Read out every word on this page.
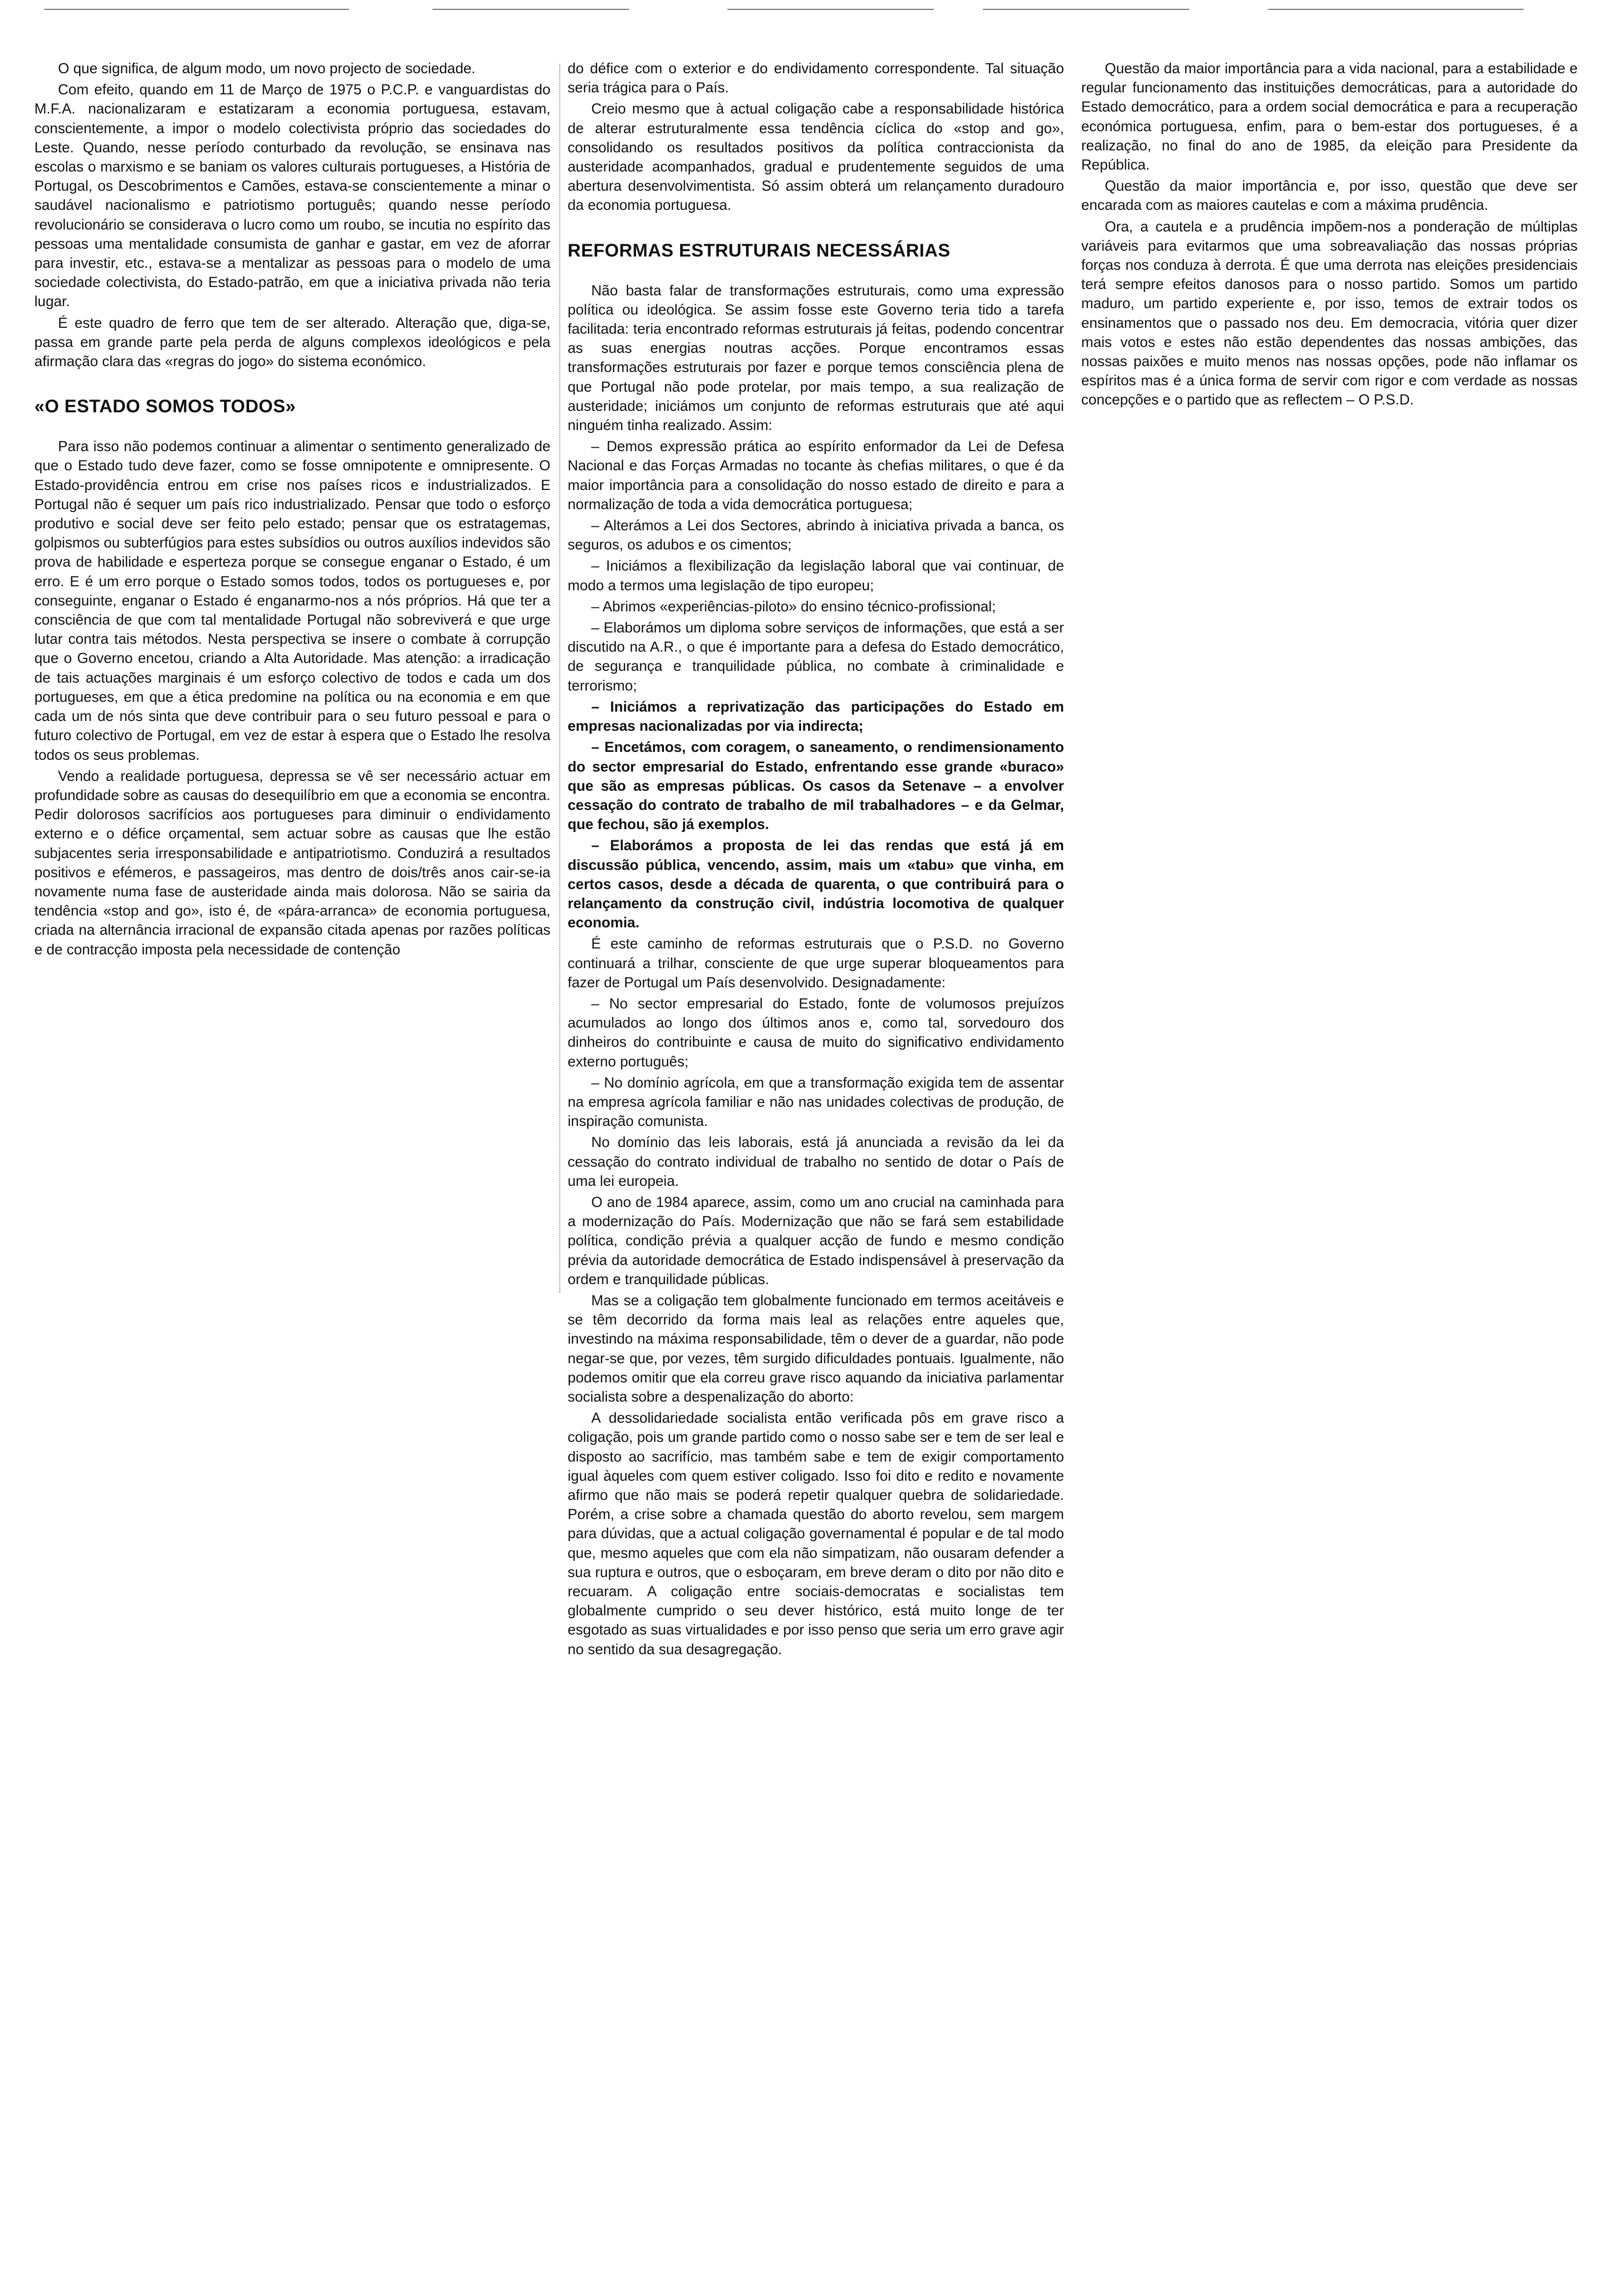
O que significa, de algum modo, um novo projecto de sociedade.

Com efeito, quando em 11 de Março de 1975 o P.C.P. e vanguardistas do M.F.A. nacionalizaram e estatizaram a economia portuguesa, estavam, conscientemente, a impor o modelo colectivista próprio das sociedades do Leste. Quando, nesse período conturbado da revolução, se ensinava nas escolas o marxismo e se baniam os valores culturais portugueses, a História de Portugal, os Descobrimentos e Camões, estava-se conscientemente a minar o saudável nacionalismo e patriotismo português; quando nesse período revolucionário se considerava o lucro como um roubo, se incutia no espírito das pessoas uma mentalidade consumista de ganhar e gastar, em vez de aforrar para investir, etc., estava-se a mentalizar as pessoas para o modelo de uma sociedade colectivista, do Estado-patrão, em que a iniciativa privada não teria lugar.

É este quadro de ferro que tem de ser alterado. Alteração que, diga-se, passa em grande parte pela perda de alguns complexos ideológicos e pela afirmação clara das «regras do jogo» do sistema económico.

«O ESTADO SOMOS TODOS»

Para isso não podemos continuar a alimentar o sentimento generalizado de que o Estado tudo deve fazer, como se fosse omnipotente e omnipresente. O Estado-providência entrou em crise nos países ricos e industrializados. E Portugal não é sequer um país rico industrializado. Pensar que todo o esforço produtivo e social deve ser feito pelo estado; pensar que os estratagemas, golpismos ou subterfúgios para estes subsídios ou outros auxílios indevidos são prova de habilidade e esperteza porque se consegue enganar o Estado, é um erro. E é um erro porque o Estado somos todos, todos os portugueses e, por conseguinte, enganar o Estado é enganarmo-nos a nós próprios. Há que ter a consciência de que com tal mentalidade Portugal não sobreviverá e que urge lutar contra tais métodos. Nesta perspectiva se insere o combate à corrupção que o Governo encetou, criando a Alta Autoridade. Mas atenção: a irradicação de tais actuações marginais é um esforço colectivo de todos e cada um dos portugueses, em que a ética predomine na política ou na economia e em que cada um de nós sinta que deve contribuir para o seu futuro pessoal e para o futuro colectivo de Portugal, em vez de estar à espera que o Estado lhe resolva todos os seus problemas.

Vendo a realidade portuguesa, depressa se vê ser necessário actuar em profundidade sobre as causas do desequilíbrio em que a economia se encontra. Pedir dolorosos sacrifícios aos portugueses para diminuir o endividamento externo e o défice orçamental, sem actuar sobre as causas que lhe estão subjacentes seria irresponsabilidade e antipatriotismo. Conduzirá a resultados positivos e efémeros, e passageiros, mas dentro de dois/três anos cair-se-ia novamente numa fase de austeridade ainda mais dolorosa. Não se sairia da tendência «stop and go», isto é, de «pára-arranca» de economia portuguesa, criada na alternância irracional de expansão citada apenas por razões políticas e de contracção imposta pela necessidade de contenção

do défice com o exterior e do endividamento correspondente. Tal situação seria trágica para o País.

Creio mesmo que à actual coligação cabe a responsabilidade histórica de alterar estruturalmente essa tendência cíclica do «stop and go», consolidando os resultados positivos da política contraccionista da austeridade acompanhados, gradual e prudentemente seguidos de uma abertura desenvolvimentista. Só assim obterá um relançamento duradouro da economia portuguesa.

REFORMAS ESTRUTURAIS NECESSÁRIAS

Não basta falar de transformações estruturais, como uma expressão política ou ideológica. Se assim fosse este Governo teria tido a tarefa facilitada: teria encontrado reformas estruturais já feitas, podendo concentrar as suas energias noutras acções. Porque encontramos essas transformações estruturais por fazer e porque temos consciência plena de que Portugal não pode protelar, por mais tempo, a sua realização de austeridade; iniciámos um conjunto de reformas estruturais que até aqui ninguém tinha realizado. Assim:

– Demos expressão prática ao espírito enformador da Lei de Defesa Nacional e das Forças Armadas no tocante às chefias militares, o que é da maior importância para a consolidação do nosso estado de direito e para a normalização de toda a vida democrática portuguesa;

– Alterámos a Lei dos Sectores, abrindo à iniciativa privada a banca, os seguros, os adubos e os cimentos;

– Iniciámos a flexibilização da legislação laboral que vai continuar, de modo a termos uma legislação de tipo europeu;

– Abrimos «experiências-piloto» do ensino técnico-profissional;

– Elaborámos um diploma sobre serviços de informações, que está a ser discutido na A.R., o que é importante para a defesa do Estado democrático, de segurança e tranquilidade pública, no combate à criminalidade e terrorismo;

– Iniciámos a reprivatização das participações do Estado em empresas nacionalizadas por via indirecta;

– Encetámos, com coragem, o saneamento, o rendimensionamento do sector empresarial do Estado, enfrentando esse grande «buraco» que são as empresas públicas. Os casos da Setenave – a envolver cessação do contrato de trabalho de mil trabalhadores – e da Gelmar, que fechou, são já exemplos.

– Elaborámos a proposta de lei das rendas que está já em discussão pública, vencendo, assim, mais um «tabu» que vinha, em certos casos, desde a década de quarenta, o que contribuirá para o relançamento da construção civil, indústria locomotiva de qualquer economia.

É este caminho de reformas estruturais que o P.S.D. no Governo continuará a trilhar, consciente de que urge superar bloqueamentos para fazer de Portugal um País desenvolvido. Designadamente:

– No sector empresarial do Estado, fonte de volumosos prejuízos acumulados ao longo dos últimos anos e, como tal, sorvedouro dos dinheiros do contribuinte e causa de muito do significativo endividamento externo português;

– No domínio agrícola, em que a transformação exigida tem de assentar na empresa agrícola familiar e não nas unidades colectivas de produção, de inspiração comunista.

No domínio das leis laborais, está já anunciada a revisão da lei da cessação do contrato individual de trabalho no sentido de dotar o País de uma lei europeia.

O ano de 1984 aparece, assim, como um ano crucial na caminhada para a modernização do País. Modernização que não se fará sem estabilidade política, condição prévia a qualquer acção de fundo e mesmo condição prévia da autoridade democrática de Estado indispensável à preservação da ordem e tranquilidade públicas.

Mas se a coligação tem globalmente funcionado em termos aceitáveis e se têm decorrido da forma mais leal as relações entre aqueles que, investindo na máxima responsabilidade, têm o dever de a guardar, não pode negar-se que, por vezes, têm surgido dificuldades pontuais. Igualmente, não podemos omitir que ela correu grave risco aquando da iniciativa parlamentar socialista sobre a despenalização do aborto:

A dessolidariedade socialista então verificada pôs em grave risco a coligação, pois um grande partido como o nosso sabe ser e tem de ser leal e disposto ao sacrifício, mas também sabe e tem de exigir comportamento igual àqueles com quem estiver coligado. Isso foi dito e redito e novamente afirmo que não mais se poderá repetir qualquer quebra de solidariedade. Porém, a crise sobre a chamada questão do aborto revelou, sem margem para dúvidas, que a actual coligação governamental é popular e de tal modo que, mesmo aqueles que com ela não simpatizam, não ousaram defender a sua ruptura e outros, que o esboçaram, em breve deram o dito por não dito e recuaram. A coligação entre sociais-democratas e socialistas tem globalmente cumprido o seu dever histórico, está muito longe de ter esgotado as suas virtualidades e por isso penso que seria um erro grave agir no sentido da sua desagregação.

Questão da maior importância para a vida nacional, para a estabilidade e regular funcionamento das instituições democráticas, para a autoridade do Estado democrático, para a ordem social democrática e para a recuperação económica portuguesa, enfim, para o bem-estar dos portugueses, é a realização, no final do ano de 1985, da eleição para Presidente da República.

Questão da maior importância e, por isso, questão que deve ser encarada com as maiores cautelas e com a máxima prudência.

Ora, a cautela e a prudência impõem-nos a ponderação de múltiplas variáveis para evitarmos que uma sobreavaliação das nossas próprias forças nos conduza à derrota. É que uma derrota nas eleições presidenciais terá sempre efeitos danosos para o nosso partido. Somos um partido maduro, um partido experiente e, por isso, temos de extrair todos os ensinamentos que o passado nos deu. Em democracia, vitória quer dizer mais votos e estes não estão dependentes das nossas ambições, das nossas paixões e muito menos nas nossas opções, pode não inflamar os espíritos mas é a única forma de servir com rigor e com verdade as nossas concepções e o partido que as reflectem – O P.S.D.
